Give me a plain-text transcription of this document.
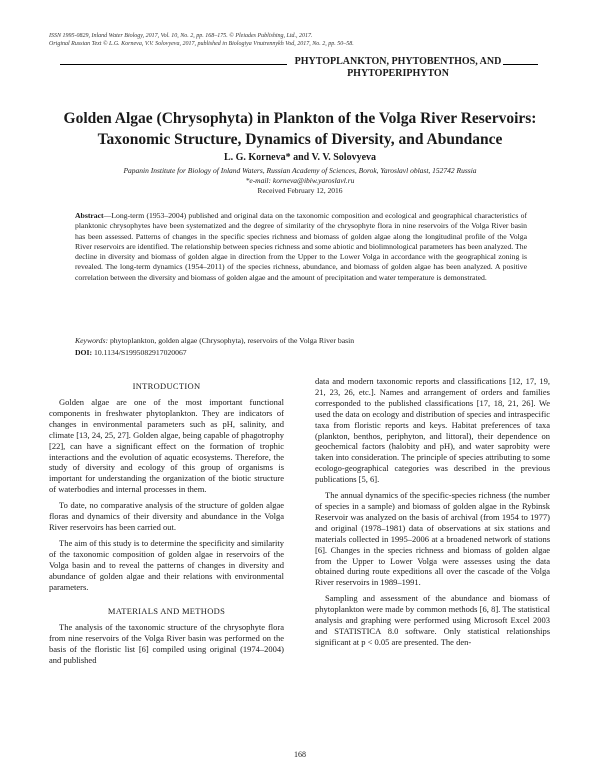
ISSN 1995-0829, Inland Water Biology, 2017, Vol. 10, No. 2, pp. 168–175. © Pleiades Publishing, Ltd., 2017.
Original Russian Text © L.G. Korneva, V.V. Solovyeva, 2017, published in Biologiya Vnutrennykh Vod, 2017, No. 2, pp. 50–58.
PHYTOPLANKTON, PHYTOBENTHOS, AND PHYTOPERIPHYTON
Golden Algae (Chrysophyta) in Plankton of the Volga River Reservoirs: Taxonomic Structure, Dynamics of Diversity, and Abundance
L. G. Korneva* and V. V. Solovyeva
Papanin Institute for Biology of Inland Waters, Russian Academy of Sciences, Borok, Yaroslavl oblast, 152742 Russia
*e-mail: korneva@ibiw.yaroslavl.ru
Received February 12, 2016
Abstract—Long-term (1953–2004) published and original data on the taxonomic composition and ecological and geographical characteristics of planktonic chrysophytes have been systematized and the degree of similarity of the chrysophyte flora in nine reservoirs of the Volga River basin has been assessed. Patterns of changes in the specific species richness and biomass of golden algae along the longitudinal profile of the Volga River reservoirs are identified. The relationship between species richness and some abiotic and biolimnological parameters has been analyzed. The decline in diversity and biomass of golden algae in direction from the Upper to the Lower Volga in accordance with the geographical zoning is revealed. The long-term dynamics (1954–2011) of the species richness, abundance, and biomass of golden algae has been analyzed. A positive correlation between the diversity and biomass of golden algae and the amount of precipitation and water temperature is demonstrated.
Keywords: phytoplankton, golden algae (Chrysophyta), reservoirs of the Volga River basin
DOI: 10.1134/S1995082917020067
INTRODUCTION

Golden algae are one of the most important functional components in freshwater phytoplankton. They are indicators of changes in environmental parameters such as pH, salinity, and climate [13, 24, 25, 27]. Golden algae, being capable of phagotrophy [22], can have a significant effect on the formation of trophic interactions and the evolution of aquatic ecosystems. Therefore, the study of diversity and ecology of this group of organisms is important for understanding the organization of the biotic structure of waterbodies and internal processes in them.

To date, no comparative analysis of the structure of golden algae floras and dynamics of their diversity and abundance in the Volga River reservoirs has been carried out.

The aim of this study is to determine the specificity and similarity of the taxonomic composition of golden algae in reservoirs of the Volga basin and to reveal the patterns of changes in diversity and abundance of golden algae and their relations with environmental parameters.

MATERIALS AND METHODS

The analysis of the taxonomic structure of the chrysophyte flora from nine reservoirs of the Volga River basin was performed on the basis of the floristic list [6] compiled using original (1974–2004) and published

data and modern taxonomic reports and classifications [12, 17, 19, 21, 23, 26, etc.]. Names and arrangement of orders and families corresponded to the published classifications [17, 18, 21, 26]. We used the data on ecology and distribution of species and intraspecific taxa from floristic reports and keys. Habitat preferences of taxa (plankton, benthos, periphyton, and littoral), their dependence on geochemical factors (halobity and pH), and water saprobity were taken into consideration. The principle of species attributing to some ecologo-geographical categories was described in the previous publications [5, 6].

The annual dynamics of the specific-species richness (the number of species in a sample) and biomass of golden algae in the Rybinsk Reservoir was analyzed on the basis of archival (from 1954 to 1977) and original (1978–1981) data of observations at six stations and materials collected in 1995–2006 at a broadened network of stations [6]. Changes in the species richness and biomass of golden algae from the Upper to Lower Volga were assesses using the data obtained during route expeditions all over the cascade of the Volga River reservoirs in 1989–1991.

Sampling and assessment of the abundance and biomass of phytoplankton were made by common methods [6, 8]. The statistical analysis and graphing were performed using Microsoft Excel 2003 and STATISTICA 8.0 software. Only statistical relationships significant at p < 0.05 are presented. The den-

168
